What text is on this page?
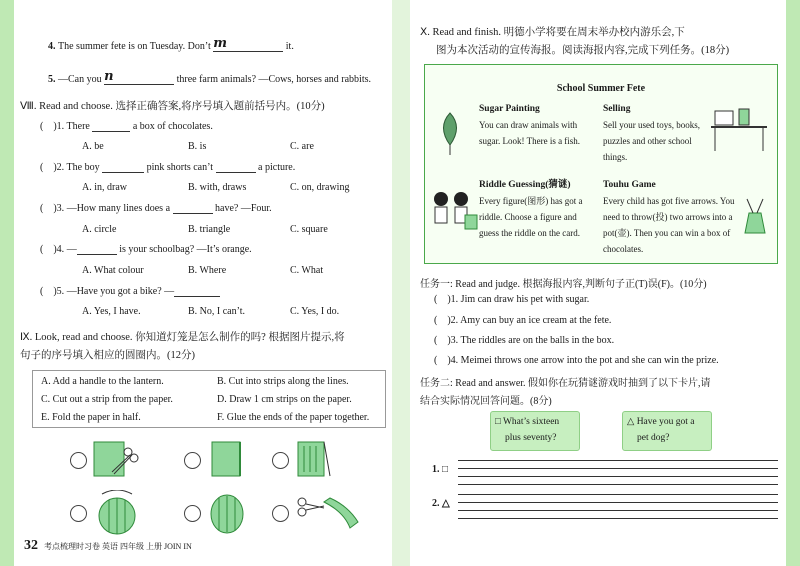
4. The summer fete is on Tuesday. Don’t m	it.
5. —Can you n	three farm animals? —Cows, horses and rabbits.
Ⅷ. Read and choose. 选择正确答案,将序号填入题前括号内。(10分)
(    )1. There	a box of chocolates.
A. be	B. is	C. are
(    )2. The boy	pink shorts can’t	a picture.
A. in, draw	B. with, draws	C. on, drawing
(    )3. —How many lines does a	have? —Four.
A. circle	B. triangle	C. square
(    )4. —	is your schoolbag? —It’s orange.
A. What colour	B. Where	C. What
(    )5. —Have you got a bike? —
A. Yes, I have.	B. No, I can’t.	C. Yes, I do.
Ⅸ. Look, read and choose. 你知道灯笼是怎么制作的吗? 根据图片提示,将
句子的序号填入相应的圆圈内。(12分)
A. Add a handle to the lantern.	B. Cut into strips along the lines.
C. Cut out a strip from the paper.	D. Draw 1 cm strips on the paper.
E. Fold the paper in half.	F. Glue the ends of the paper together.
32 考点梳理时习卷 英语 四年级 上册 JOIN IN
Ⅹ. Read and finish. 明德小学将要在周末举办校内游乐会,下
图为本次活动的宣传海报。阅读海报内容,完成下列任务。(18分)
School Summer Fete
Sugar Painting
You can draw animals with sugar. Look! There is a fish.
Selling
Sell your used toys, books, puzzles and other school things.
Riddle Guessing(猜谜)
Every figure(图形) has got a riddle. Choose a figure and guess the riddle on the card.
Touhu Game
Every child has got five arrows. You need to throw(投) two arrows into a pot(壶). Then you can win a box of chocolates.
任务一: Read and judge. 根据海报内容,判断句子正(T)误(F)。(10分)
(    )1. Jim can draw his pet with sugar.
(    )2. Amy can buy an ice cream at the fete.
(    )3. The riddles are on the balls in the box.
(    )4. Meimei throws one arrow into the pot and she can win the prize.
任务二: Read and answer. 假如你在玩猜谜游戏时抽到了以下卡片,请
结合实际情况回答问题。(8分)
□ What’s sixteen
plus seventy?
△ Have you got a
pet dog?
1. □
2. △
